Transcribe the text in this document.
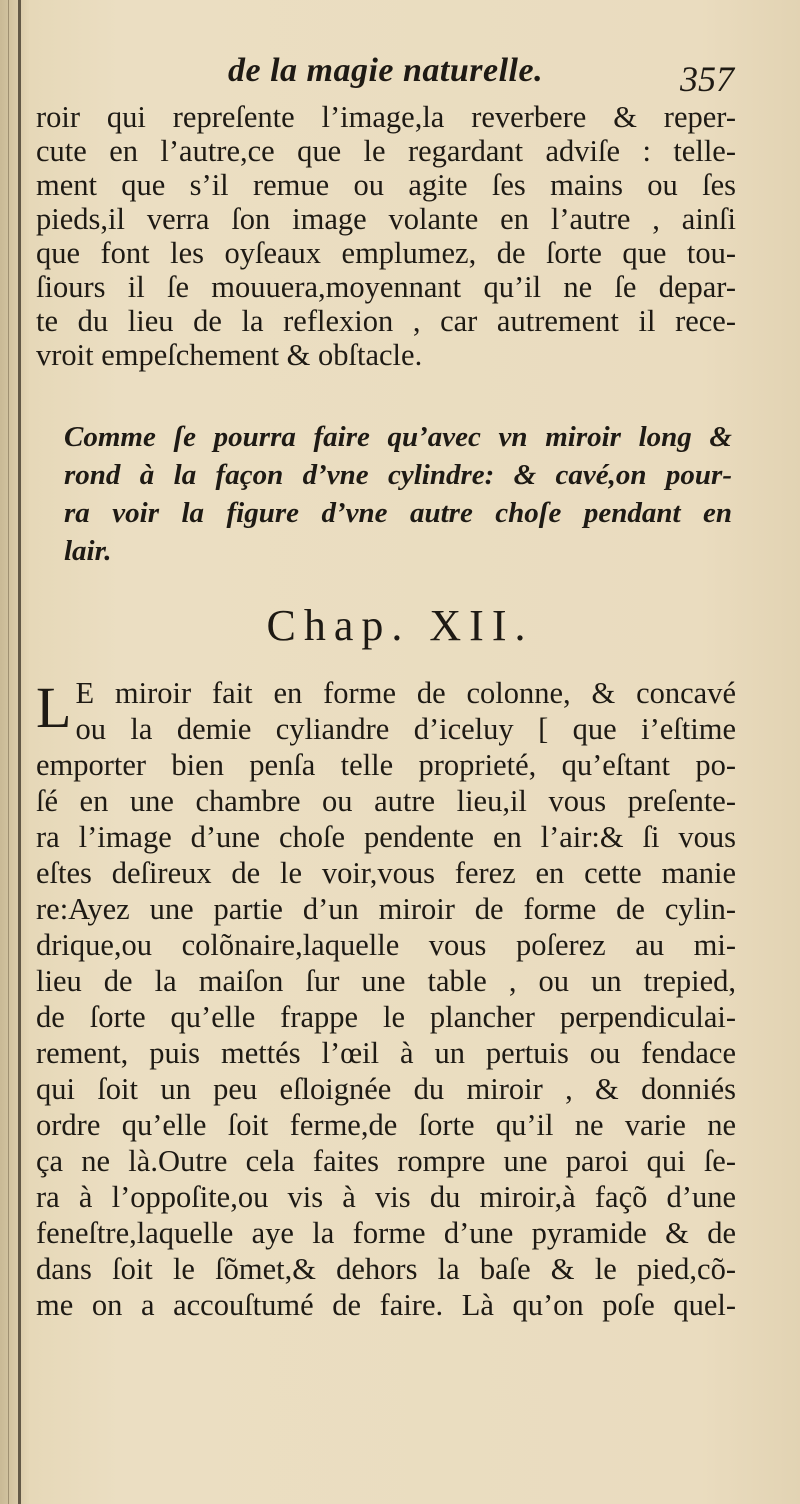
de la magie naturelle.	357
roir qui repreſente l’image,la reverbere & reper-
cute en l’autre,ce que le regardant adviſe : telle-
ment que s’il remue ou agite ſes mains ou ſes
pieds,il verra ſon image volante en l’autre , ainſi
que font les oyſeaux emplumez, de ſorte que tou-
ſiours il ſe mouuera,moyennant qu’il ne ſe depar-
te du lieu de la reflexion , car autrement il rece-
vroit empeſchement & obſtacle.
Comme ſe pourra faire qu’avec vn miroir long &
rond à la façon d’vne cylindre: & cavé,on pour-
ra voir la figure d’vne autre choſe pendant en
lair.
Chap. XII.
L E miroir fait en forme de colonne, & concavé
ou la demie cyliandre d’iceluy [ que i’eſtime
emporter bien penſa telle proprieté, qu’eſtant po-
ſé en une chambre ou autre lieu,il vous preſente-
ra l’image d’une choſe pendente en l’air:& ſi vous
eſtes deſireux de le voir,vous ferez en cette manie
re:Ayez une partie d’un miroir de forme de cylin-
drique,ou colõnaire,laquelle vous poſerez au mi-
lieu de la maiſon ſur une table , ou un trepied,
de ſorte qu’elle frappe le plancher perpendiculai-
rement, puis mettés l’œil à un pertuis ou fendace
qui ſoit un peu eſloignée du miroir , & donniés
ordre qu’elle ſoit ferme,de ſorte qu’il ne varie ne
ça ne là.Outre cela faites rompre une paroi qui ſe-
ra à l’oppoſite,ou vis à vis du miroir,à façõ d’une
feneſtre,laquelle aye la forme d’une pyramide & de
dans ſoit le ſõmet,& dehors la baſe & le pied,cõ-
me on a accouſtumé de faire. Là qu’on poſe quel-
